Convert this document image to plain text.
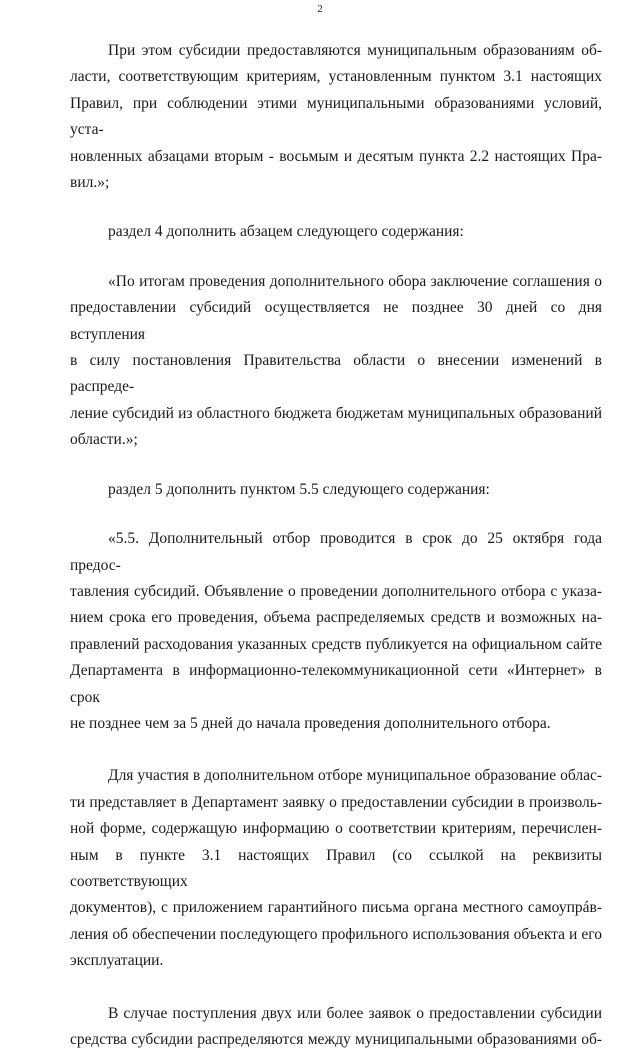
2
При этом субсидии предоставляются муниципальным образованиям об-
ласти, соответствующим критериям, установленным пунктом 3.1 настоящих
Правил, при соблюдении этими муниципальными образованиями условий, уста-
новленных абзацами вторым - восьмым и десятым пункта 2.2 настоящих Пра-
вил.»;
раздел 4 дополнить абзацем следующего содержания:
«По итогам проведения дополнительного обора заключение соглашения о
предоставлении субсидий осуществляется не позднее 30 дней со дня вступления
в силу постановления Правительства области о внесении изменений в распреде-
ление субсидий из областного бюджета бюджетам муниципальных образований
области.»;
раздел 5 дополнить пунктом 5.5 следующего содержания:
«5.5. Дополнительный отбор проводится в срок до 25 октября года предос-
тавления субсидий. Объявление о проведении дополнительного отбора с указа-
нием срока его проведения, объема распределяемых средств и возможных на-
правлений расходования указанных средств публикуется на официальном сайте
Департамента в информационно-телекоммуникационной сети «Интернет» в срок
не позднее чем за 5 дней до начала проведения дополнительного отбора.
Для участия в дополнительном отборе муниципальное образование облас-
ти представляет в Департамент заявку о предоставлении субсидии в произволь-
ной форме, содержащую информацию о соответствии критериям, перечислен-
ным в пункте 3.1 настоящих Правил (со ссылкой на реквизиты соответствующих
документов), с приложением гарантийного письма органа местного самоупрáв-
ления об обеспечении последующего профильного использования объекта и его
эксплуатации.
В случае поступления двух или более заявок о предоставлении субсидии
средства субсидии распределяются между муниципальными образованиями об-
